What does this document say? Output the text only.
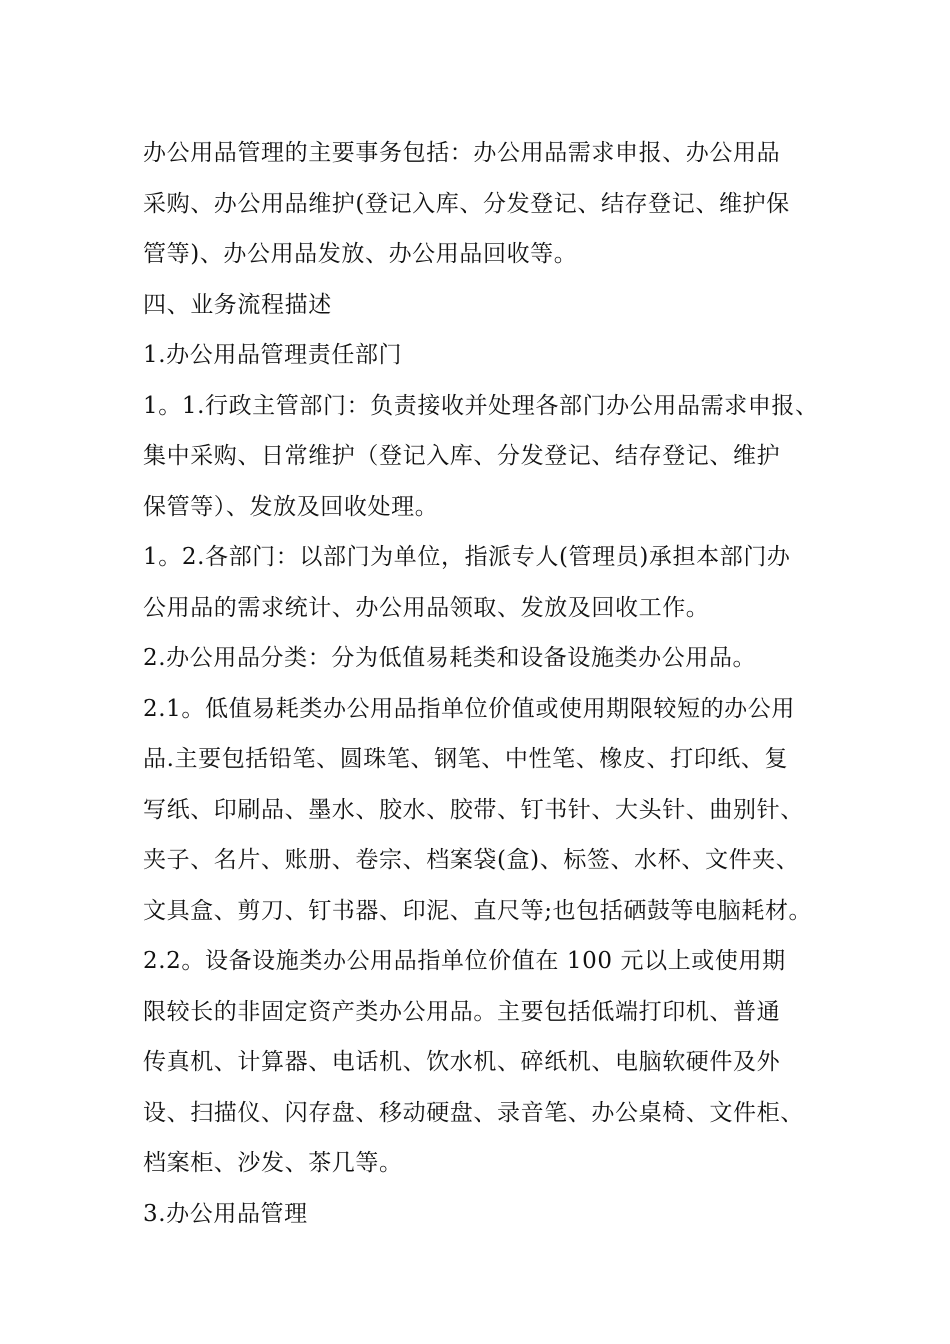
办公用品管理的主要事务包括：办公用品需求申报、办公用品
采购、办公用品维护(登记入库、分发登记、结存登记、维护保
管等)、办公用品发放、办公用品回收等。
四、业务流程描述
1.办公用品管理责任部门
1。1.行政主管部门：负责接收并处理各部门办公用品需求申报、
集中采购、日常维护（登记入库、分发登记、结存登记、维护
保管等）、发放及回收处理。
1。2.各部门：以部门为单位，指派专人(管理员)承担本部门办
公用品的需求统计、办公用品领取、发放及回收工作。
2.办公用品分类：分为低值易耗类和设备设施类办公用品。
2.1。低值易耗类办公用品指单位价值或使用期限较短的办公用
品.主要包括铅笔、圆珠笔、钢笔、中性笔、橡皮、打印纸、复
写纸、印刷品、墨水、胶水、胶带、钉书针、大头针、曲别针、
夹子、名片、账册、卷宗、档案袋(盒)、标签、水杯、文件夹、
文具盒、剪刀、钉书器、印泥、直尺等;也包括硒鼓等电脑耗材。
2.2。设备设施类办公用品指单位价值在 100 元以上或使用期
限较长的非固定资产类办公用品。主要包括低端打印机、普通
传真机、计算器、电话机、饮水机、碎纸机、电脑软硬件及外
设、扫描仪、闪存盘、移动硬盘、录音笔、办公桌椅、文件柜、
档案柜、沙发、茶几等。
3.办公用品管理
